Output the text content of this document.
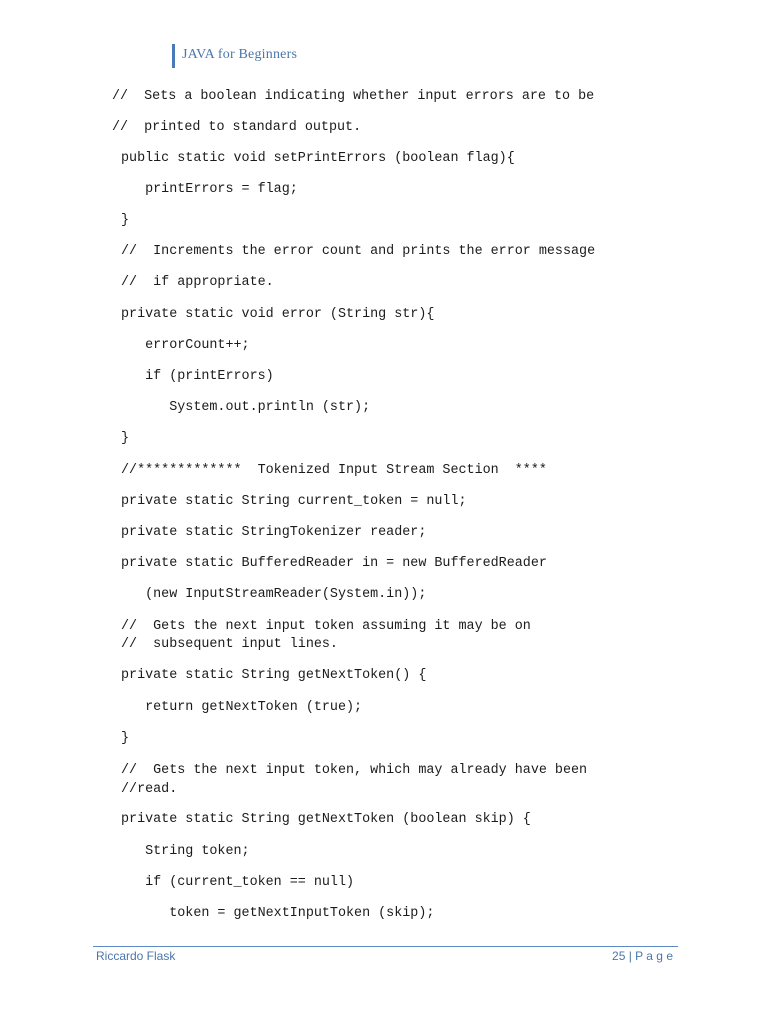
JAVA for Beginners
//  Sets a boolean indicating whether input errors are to be
//  printed to standard output.
public static void setPrintErrors (boolean flag){
printErrors = flag;
}
//  Increments the error count and prints the error message
//  if appropriate.
private static void error (String str){
errorCount++;
if (printErrors)
System.out.println (str);
}
//*************  Tokenized Input Stream Section  ****
private static String current_token = null;
private static StringTokenizer reader;
private static BufferedReader in = new BufferedReader
(new InputStreamReader(System.in));
//  Gets the next input token assuming it may be on
//  subsequent input lines.
private static String getNextToken() {
return getNextToken (true);
}
//  Gets the next input token, which may already have been
//read.
private static String getNextToken (boolean skip) {
String token;
if (current_token == null)
token = getNextInputToken (skip);
Riccardo Flask	25 | P a g e
